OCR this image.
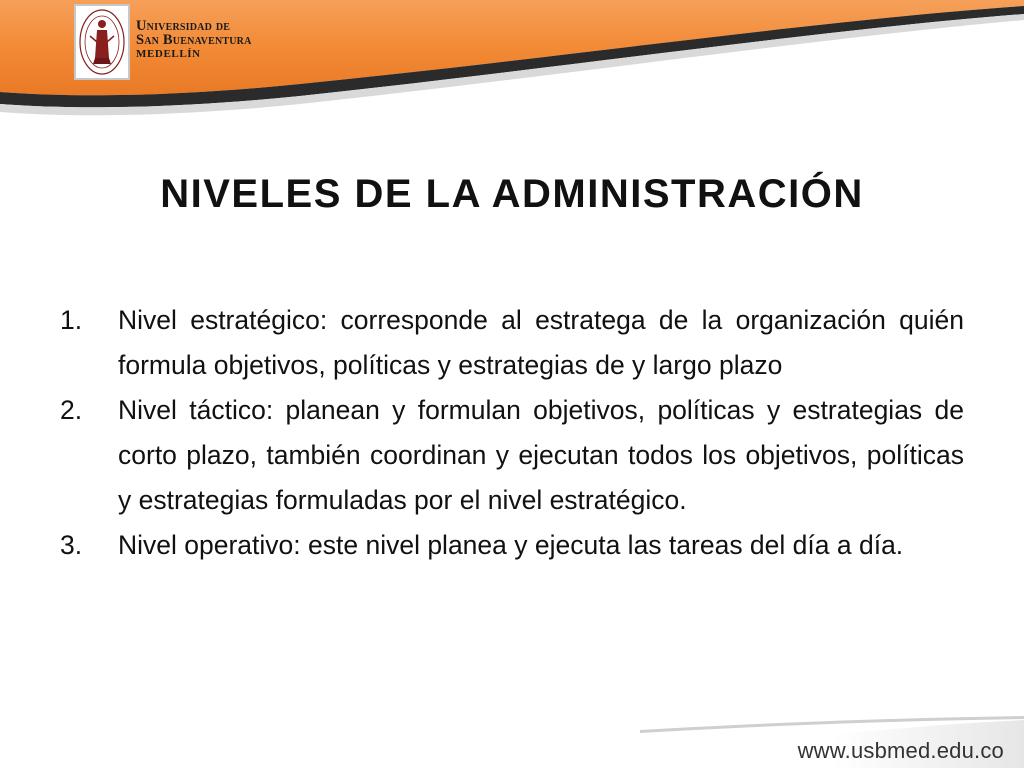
Universidad de
San Buenaventura
MEDELLÍN
NIVELES DE LA ADMINISTRACIÓN
1. Nivel estratégico: corresponde al estratega de la organización quién formula objetivos, políticas y estrategias de y largo plazo
2. Nivel táctico: planean y formulan objetivos, políticas y estrategias de corto plazo, también coordinan y ejecutan todos los objetivos, políticas y estrategias formuladas por el nivel estratégico.
3. Nivel operativo: este nivel planea y ejecuta las tareas del día a día.
www.usbmed.edu.co
